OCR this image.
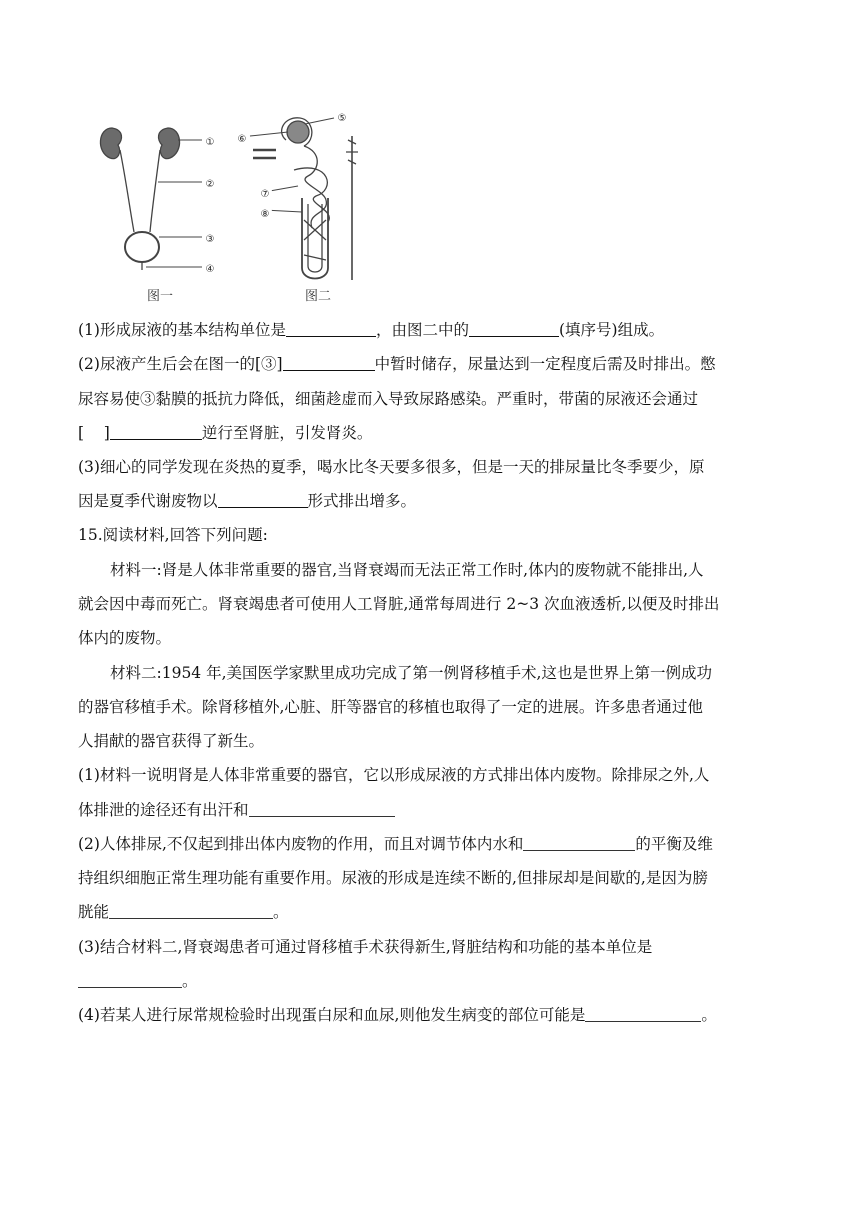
①
②
③
④
⑤
⑥
⑦
⑧
图一	图二
(1)形成尿液的基本结构单位是	，由图二中的	(填序号)组成。
(2)尿液产生后会在图一的[③]	中暂时储存，尿量达到一定程度后需及时排出。憋
尿容易使③黏膜的抵抗力降低，细菌趁虚而入导致尿路感染。严重时，带菌的尿液还会通过
[    ]	逆行至肾脏，引发肾炎。
(3)细心的同学发现在炎热的夏季，喝水比冬天要多很多，但是一天的排尿量比冬季要少，原
因是夏季代谢废物以	形式排出增多。
15.阅读材料,回答下列问题:
材料一:肾是人体非常重要的器官,当肾衰竭而无法正常工作时,体内的废物就不能排出,人
就会因中毒而死亡。肾衰竭患者可使用人工肾脏,通常每周进行 2~3 次血液透析,以便及时排出
体内的废物。
材料二:1954 年,美国医学家默里成功完成了第一例肾移植手术,这也是世界上第一例成功
的器官移植手术。除肾移植外,心脏、肝等器官的移植也取得了一定的进展。许多患者通过他
人捐献的器官获得了新生。
(1)材料一说明肾是人体非常重要的器官，它以形成尿液的方式排出体内废物。除排尿之外,人
体排泄的途径还有出汗和
(2)人体排尿,不仅起到排出体内废物的作用，而且对调节体内水和	的平衡及维
持组织细胞正常生理功能有重要作用。尿液的形成是连续不断的,但排尿却是间歇的,是因为膀
胱能	。
(3)结合材料二,肾衰竭患者可通过肾移植手术获得新生,肾脏结构和功能的基本单位是
。
(4)若某人进行尿常规检验时出现蛋白尿和血尿,则他发生病变的部位可能是	。
